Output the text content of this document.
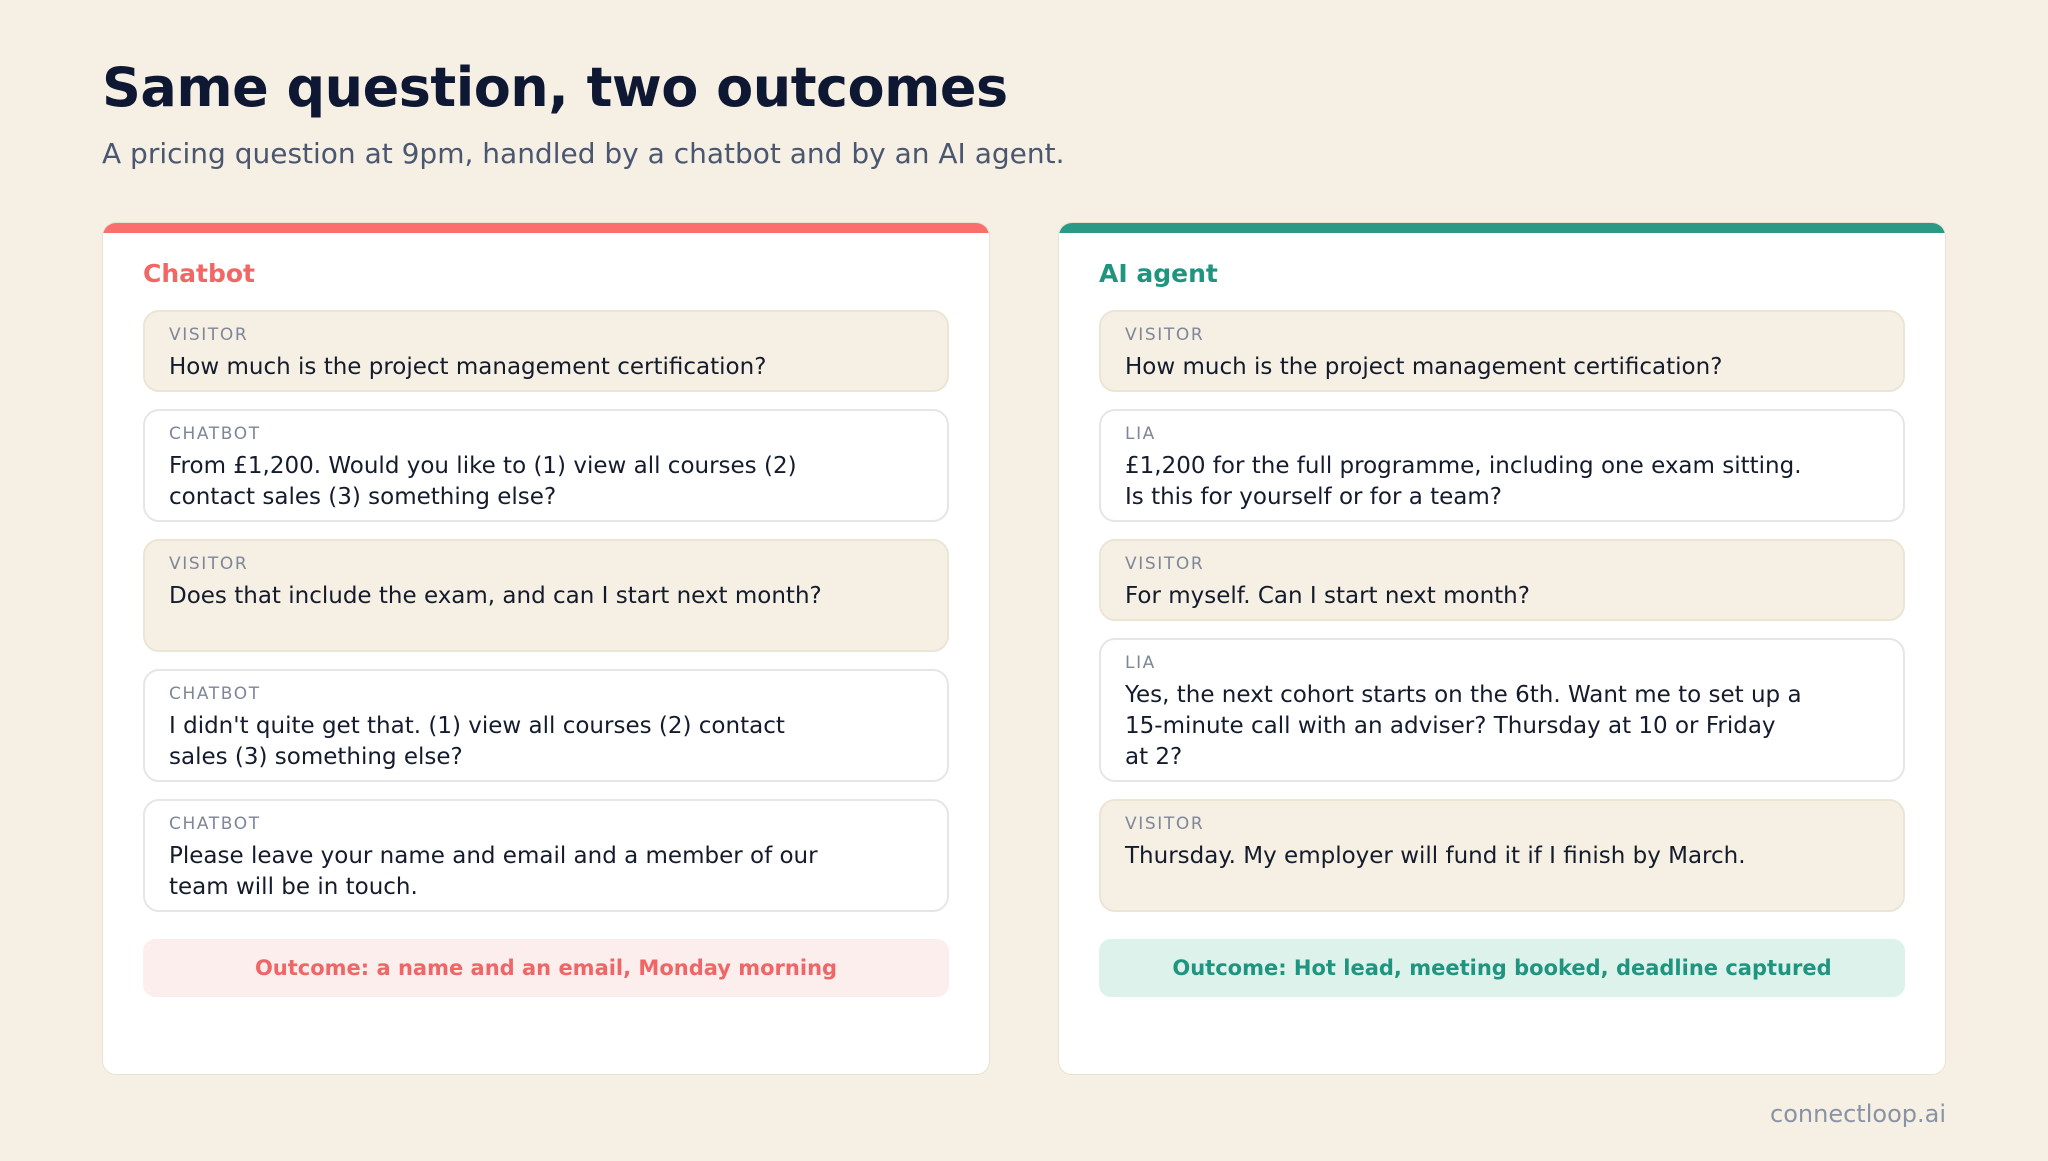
Same question, two outcomes

A pricing question at 9pm, handled by a chatbot and by an AI agent.

Chatbot
VISITOR
How much is the project management certification?
CHATBOT
From £1,200. Would you like to (1) view all courses (2) contact sales (3) something else?
VISITOR
Does that include the exam, and can I start next month?
CHATBOT
I didn't quite get that. (1) view all courses (2) contact sales (3) something else?
CHATBOT
Please leave your name and email and a member of our team will be in touch.
Outcome: a name and an email, Monday morning
AI agent
VISITOR
How much is the project management certification?
LIA
£1,200 for the full programme, including one exam sitting. Is this for yourself or for a team?
VISITOR
For myself. Can I start next month?
LIA
Yes, the next cohort starts on the 6th. Want me to set up a 15-minute call with an adviser? Thursday at 10 or Friday at 2?
VISITOR
Thursday. My employer will fund it if I finish by March.
Outcome: Hot lead, meeting booked, deadline captured
connectloop.ai
